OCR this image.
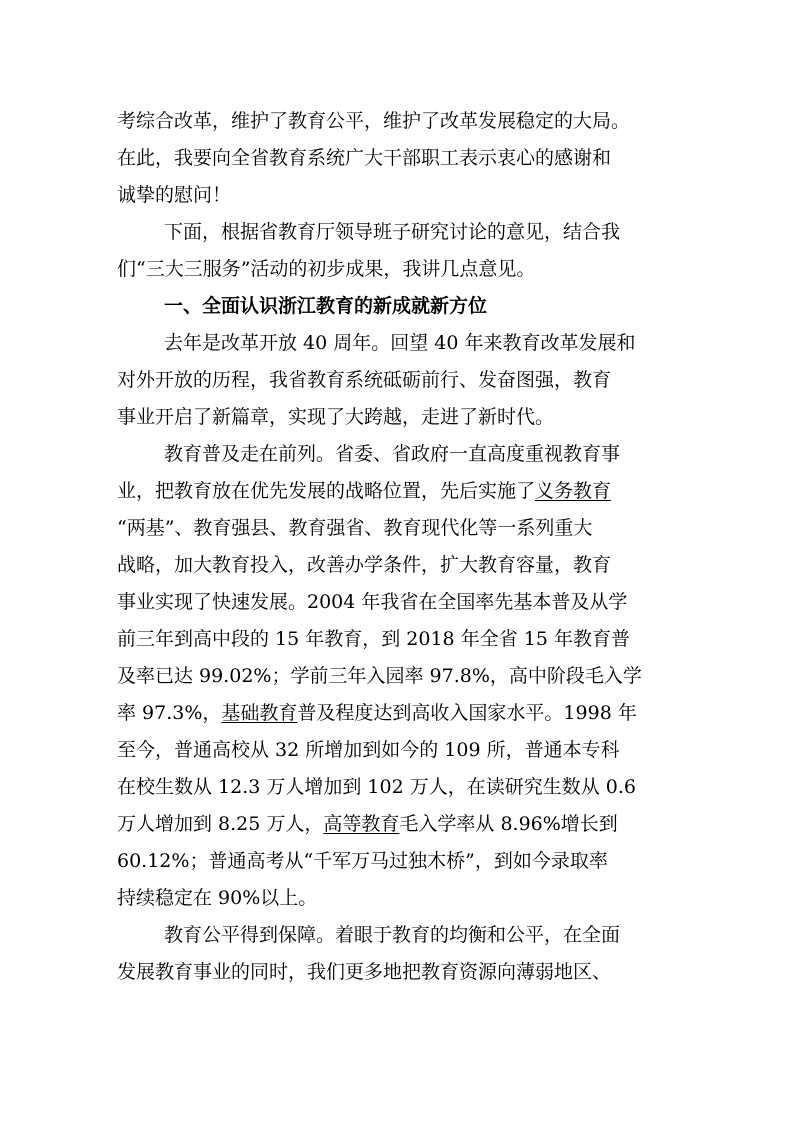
考综合改革，维护了教育公平，维护了改革发展稳定的大局。
在此，我要向全省教育系统广大干部职工表示衷心的感谢和
诚挚的慰问！
下面，根据省教育厅领导班子研究讨论的意见，结合我
们“三大三服务”活动的初步成果，我讲几点意见。
一、全面认识浙江教育的新成就新方位
去年是改革开放 40 周年。回望 40 年来教育改革发展和
对外开放的历程，我省教育系统砥砺前行、发奋图强，教育
事业开启了新篇章，实现了大跨越，走进了新时代。
教育普及走在前列。省委、省政府一直高度重视教育事
业，把教育放在优先发展的战略位置，先后实施了义务教育
“两基”、教育强县、教育强省、教育现代化等一系列重大
战略，加大教育投入，改善办学条件，扩大教育容量，教育
事业实现了快速发展。2004 年我省在全国率先基本普及从学
前三年到高中段的 15 年教育，到 2018 年全省 15 年教育普
及率已达 99.02%；学前三年入园率 97.8%，高中阶段毛入学
率 97.3%，基础教育普及程度达到高收入国家水平。1998 年
至今，普通高校从 32 所增加到如今的 109 所，普通本专科
在校生数从 12.3 万人增加到 102 万人，在读研究生数从 0.6
万人增加到 8.25 万人，高等教育毛入学率从 8.96%增长到
60.12%；普通高考从“千军万马过独木桥”，到如今录取率
持续稳定在 90%以上。
教育公平得到保障。着眼于教育的均衡和公平，在全面
发展教育事业的同时，我们更多地把教育资源向薄弱地区、
